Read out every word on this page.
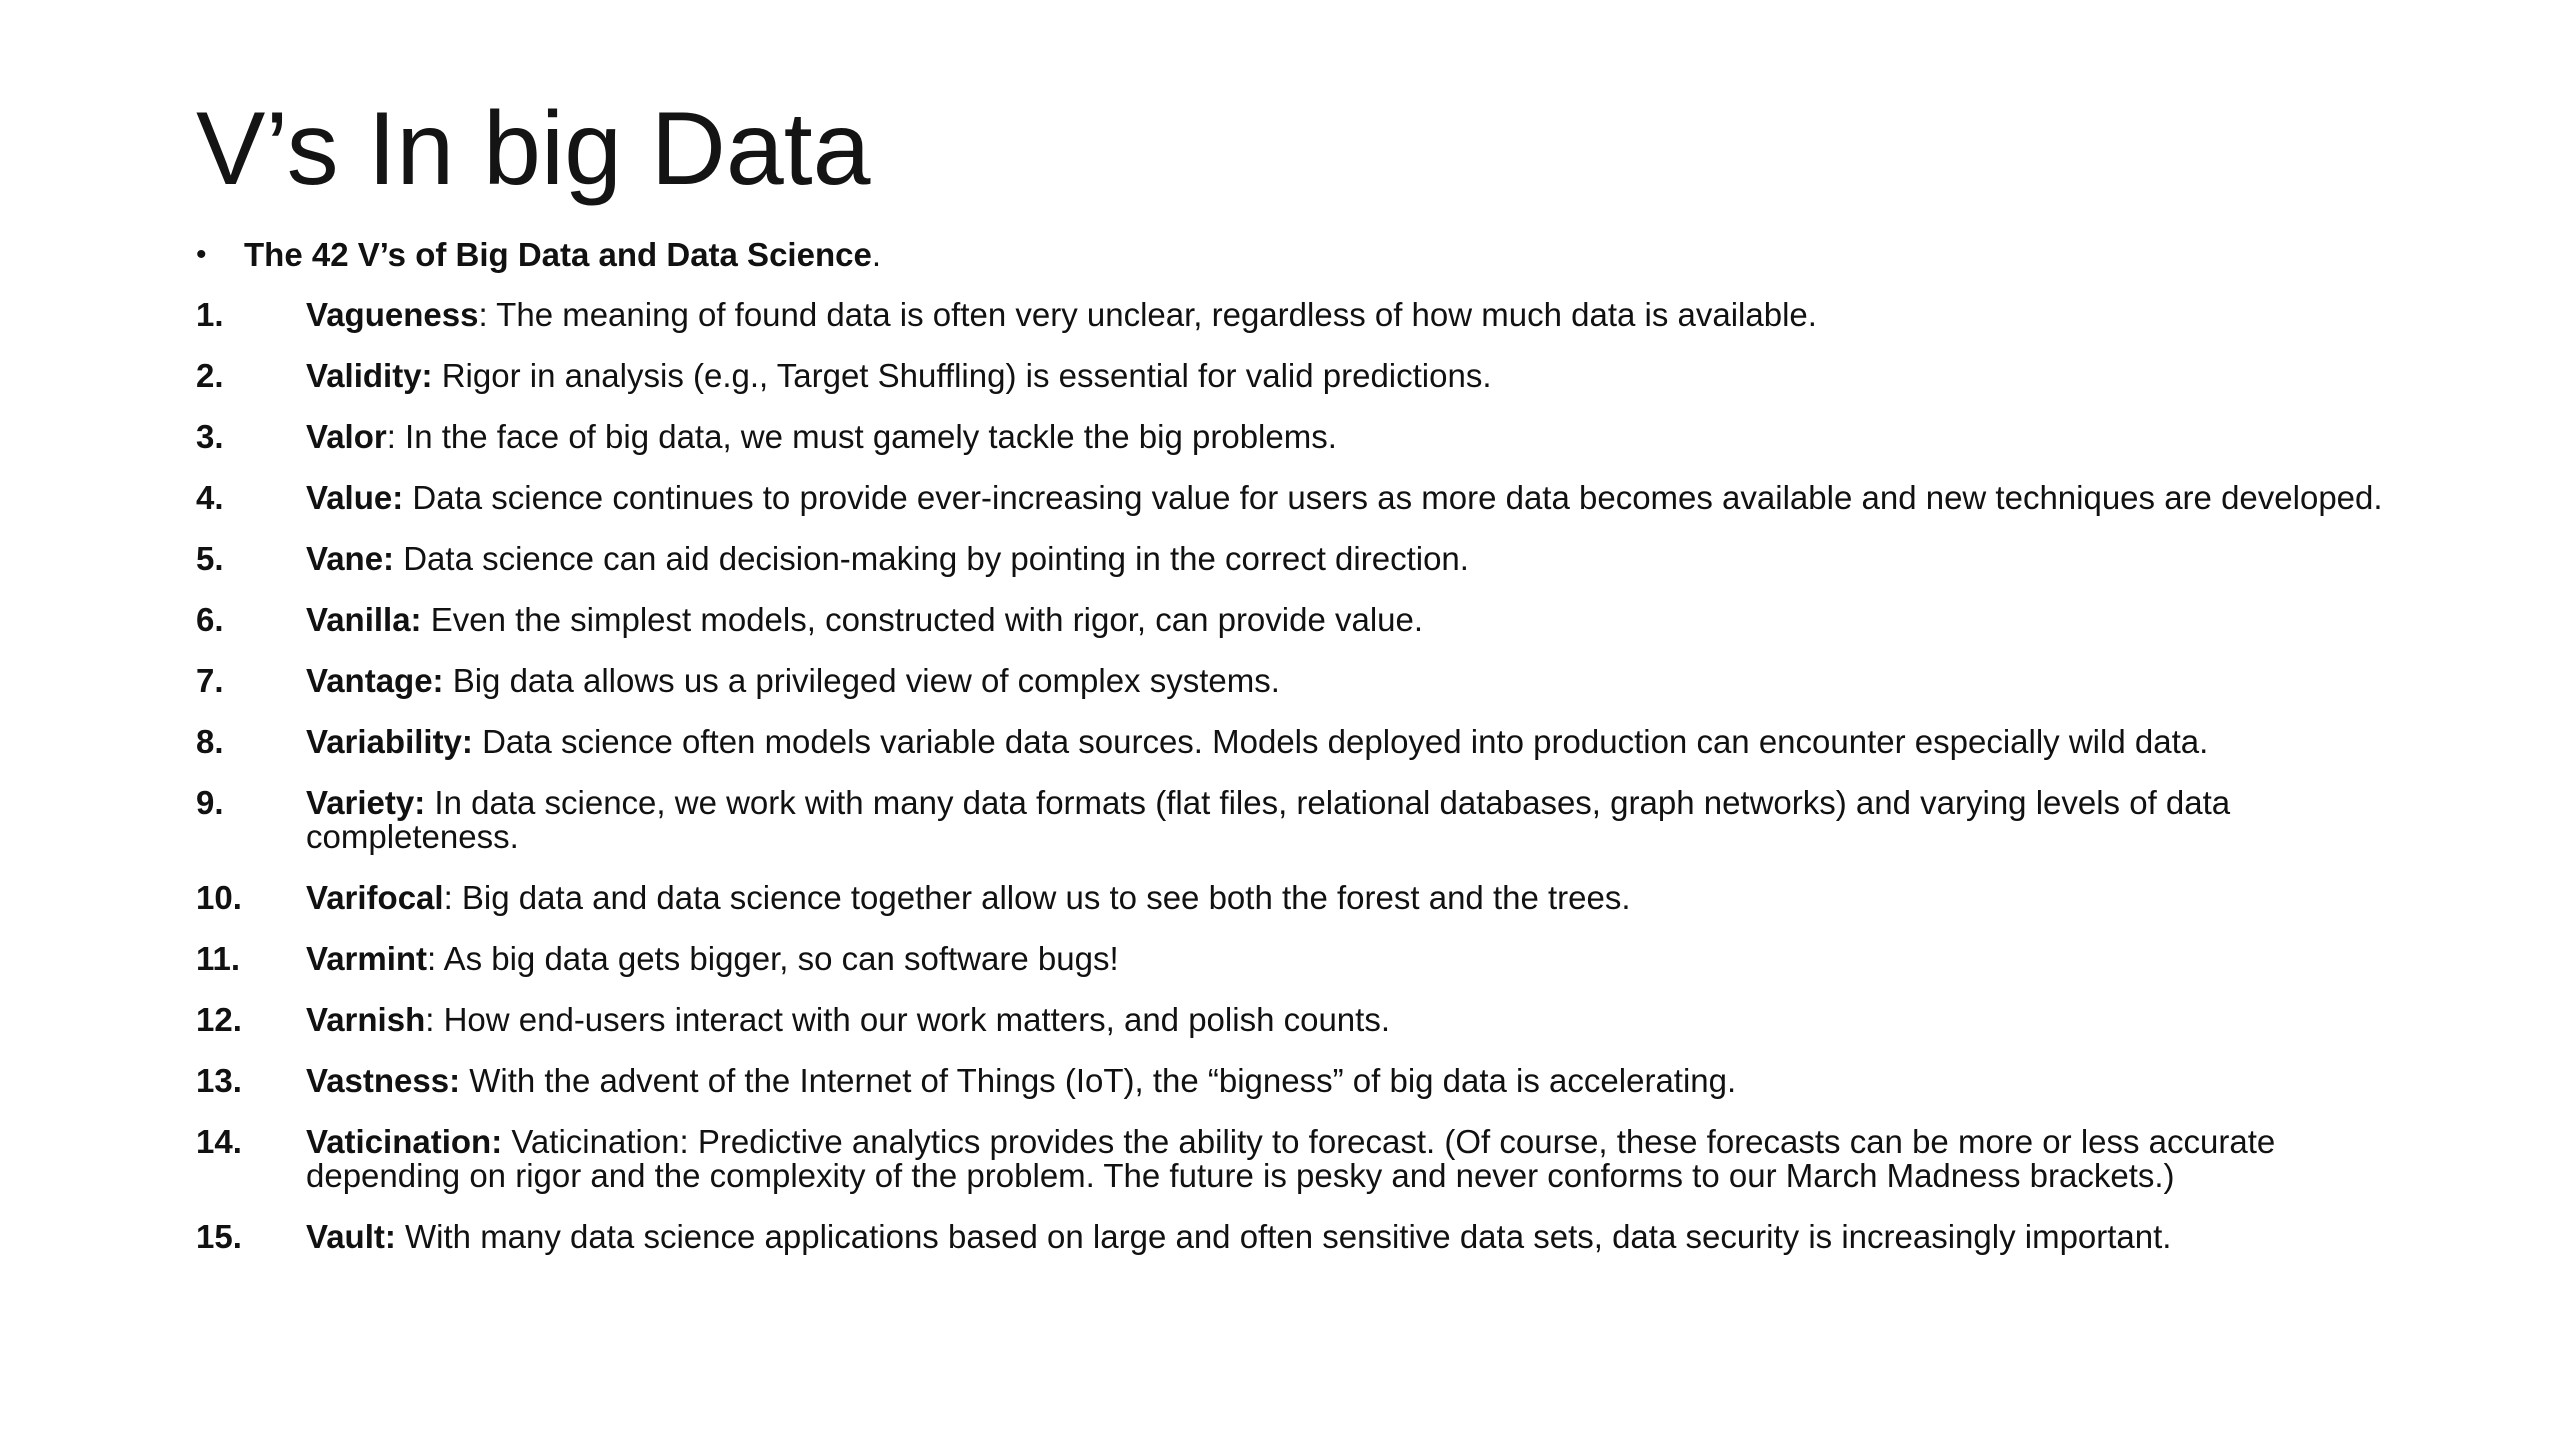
V’s In big Data
•	The 42 V’s of Big Data and Data Science.
1.	Vagueness: The meaning of found data is often very unclear, regardless of how much data is available.
2.	Validity: Rigor in analysis (e.g., Target Shuffling) is essential for valid predictions.
3.	Valor: In the face of big data, we must gamely tackle the big problems.
4.	Value: Data science continues to provide ever-increasing value for users as more data becomes available and new techniques are developed.
5.	Vane: Data science can aid decision-making by pointing in the correct direction.
6.	Vanilla: Even the simplest models, constructed with rigor, can provide value.
7.	Vantage: Big data allows us a privileged view of complex systems.
8.	Variability: Data science often models variable data sources. Models deployed into production can encounter especially wild data.
9.	Variety: In data science, we work with many data formats (flat files, relational databases, graph networks) and varying levels of data completeness.
10.	Varifocal: Big data and data science together allow us to see both the forest and the trees.
11.	Varmint: As big data gets bigger, so can software bugs!
12.	Varnish: How end-users interact with our work matters, and polish counts.
13.	Vastness: With the advent of the Internet of Things (IoT), the “bigness” of big data is accelerating.
14.	Vaticination: Vaticination: Predictive analytics provides the ability to forecast. (Of course, these forecasts can be more or less accurate depending on rigor and the complexity of the problem. The future is pesky and never conforms to our March Madness brackets.)
15.	Vault: With many data science applications based on large and often sensitive data sets, data security is increasingly important.
